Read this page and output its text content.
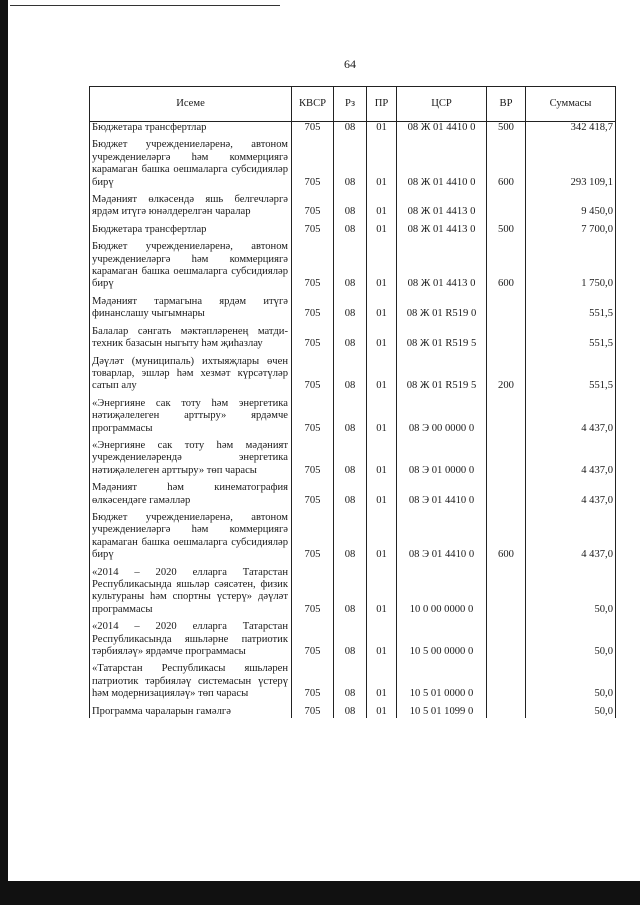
64
Исеме	КВСР	Рз	ПР	ЦСР	ВР	Суммасы
Бюджетара трансфертлар	705	08	01	08 Ж 01 4410 0	500	342 418,7
Бюджет учреждениеләренә, автоном учреждениеләргә һәм коммерциягә карамаган башка оешмаларга субсидияләр бирү	705	08	01	08 Ж 01 4410 0	600	293 109,1
Мәдәният өлкәсендә яшь белгечләргә ярдәм итүгә юнәлдерелгән чаралар	705	08	01	08 Ж 01 4413 0		9 450,0
Бюджетара трансфертлар	705	08	01	08 Ж 01 4413 0	500	7 700,0
Бюджет учреждениеләренә, автоном учреждениеләргә һәм коммерциягә карамаган башка оешмаларга субсидияләр бирү	705	08	01	08 Ж 01 4413 0	600	1 750,0
Мәдәният тармагына ярдәм итүгә финанслашу чыгымнары	705	08	01	08 Ж 01 R519 0		551,5
Балалар сәнгать мәктәпләренең матди-техник базасын ныгыту һәм җиһазлау	705	08	01	08 Ж 01 R519 5		551,5
Дәүләт (муниципаль) ихтыяҗлары өчен товарлар, эшләр һәм хезмәт күрсәтүләр сатып алу	705	08	01	08 Ж 01 R519 5	200	551,5
«Энергияне сак тоту һәм энергетика нәтиҗәлелеген арттыру» ярдәмче программасы	705	08	01	08 Э 00 0000 0		4 437,0
«Энергияне сак тоту һәм мәдәният учреждениеләрендә энергетика нәтиҗәлелеген арттыру» төп чарасы	705	08	01	08 Э 01 0000 0		4 437,0
Мәдәният һәм кинематография өлкәсендәге гамәлләр	705	08	01	08 Э 01 4410 0		4 437,0
Бюджет учреждениеләренә, автоном учреждениеләргә һәм коммерциягә карамаган башка оешмаларга субсидияләр бирү	705	08	01	08 Э 01 4410 0	600	4 437,0
«2014 – 2020 елларга Татарстан Республикасында яшьләр сәясәтен, физик культураны һәм спортны үстерү» дәүләт программасы	705	08	01	10 0 00 0000 0		50,0
«2014 – 2020 елларга Татарстан Республикасында яшьләрне патриотик тәрбияләү» ярдәмче программасы	705	08	01	10 5 00 0000 0		50,0
«Татарстан Республикасы яшьләрен патриотик тәрбияләү системасын үстерү һәм модернизацияләү» төп чарасы	705	08	01	10 5 01 0000 0		50,0
Программа чараларын гамәлгә	705	08	01	10 5 01 1099 0		50,0
